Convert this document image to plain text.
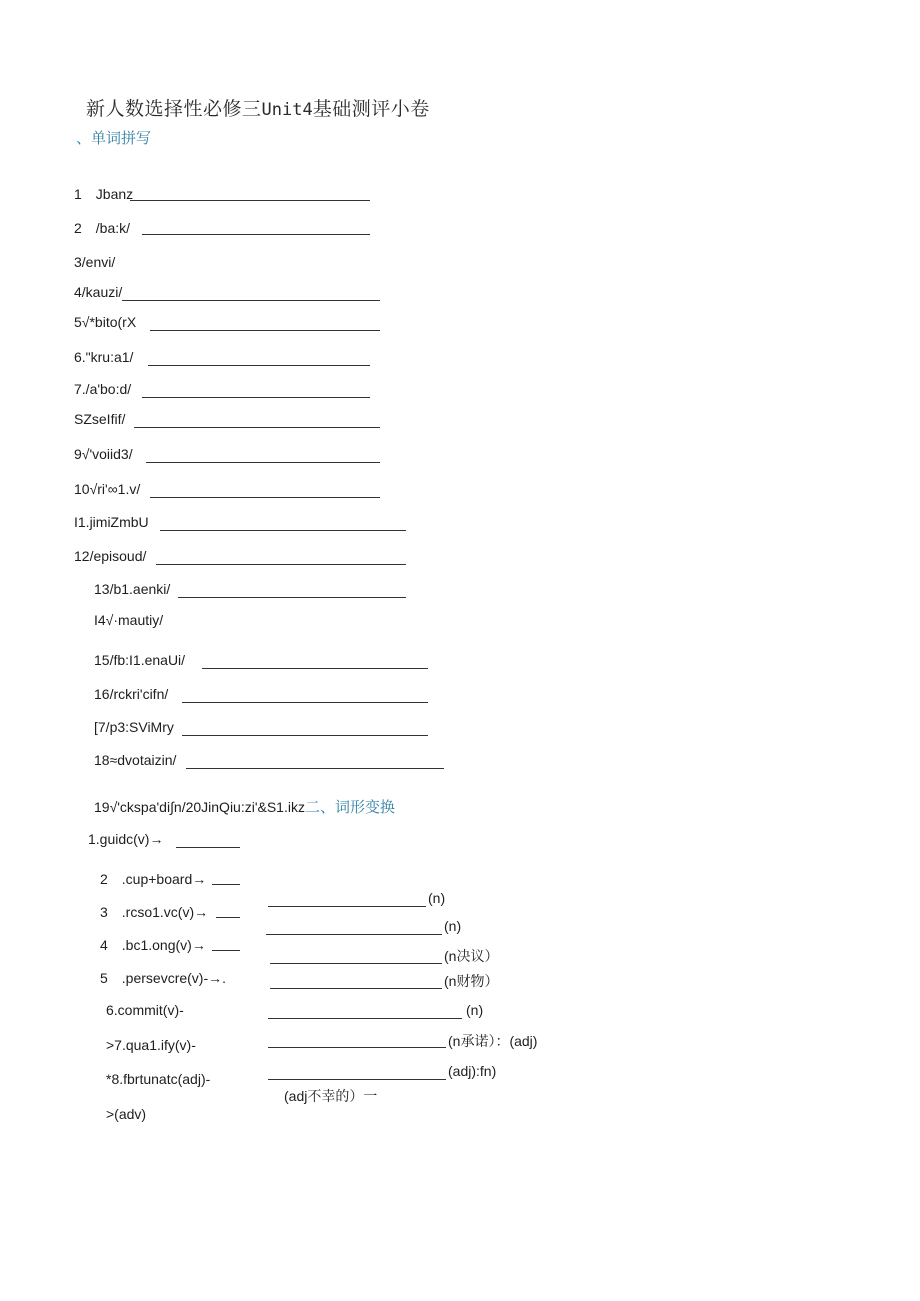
新人数选择性必修三Unit4基础测评小卷
、单词拼写
1　Jbanz
2　/ba:k/
3/envi/
4/kauzi/
5√*bito(rX
6."kru:a1/
7./a'bo:d/
SZseIfif/
9√'voiid3/
10√ri'∞1.v/
I1.jimiZmbU
12/episoud/
13/b1.aenki/
I4√·mautiy/
15/fb:I1.enaUi/
16/rckri'cifn/
[7/p3:SViMry
18≈dvotaizin/
19√'ckspa'di∫n/20JinQiu:zi'&S1.ikz二、词形变换
1.guidc(v)→
2　.cup+board→
3　.rcso1.vc(v)→
4　.bc1.ong(v)→
5　.persevcre(v)-→.
6.commit(v)-
>7.qua1.ify(v)-
*8.fbrtunatc(adj)-
>(adv)
(n)
(n)
(n决议）
(n财物）
(n)
(n承诺）：(adj)
(adj):fn)
(adj不幸的）一
